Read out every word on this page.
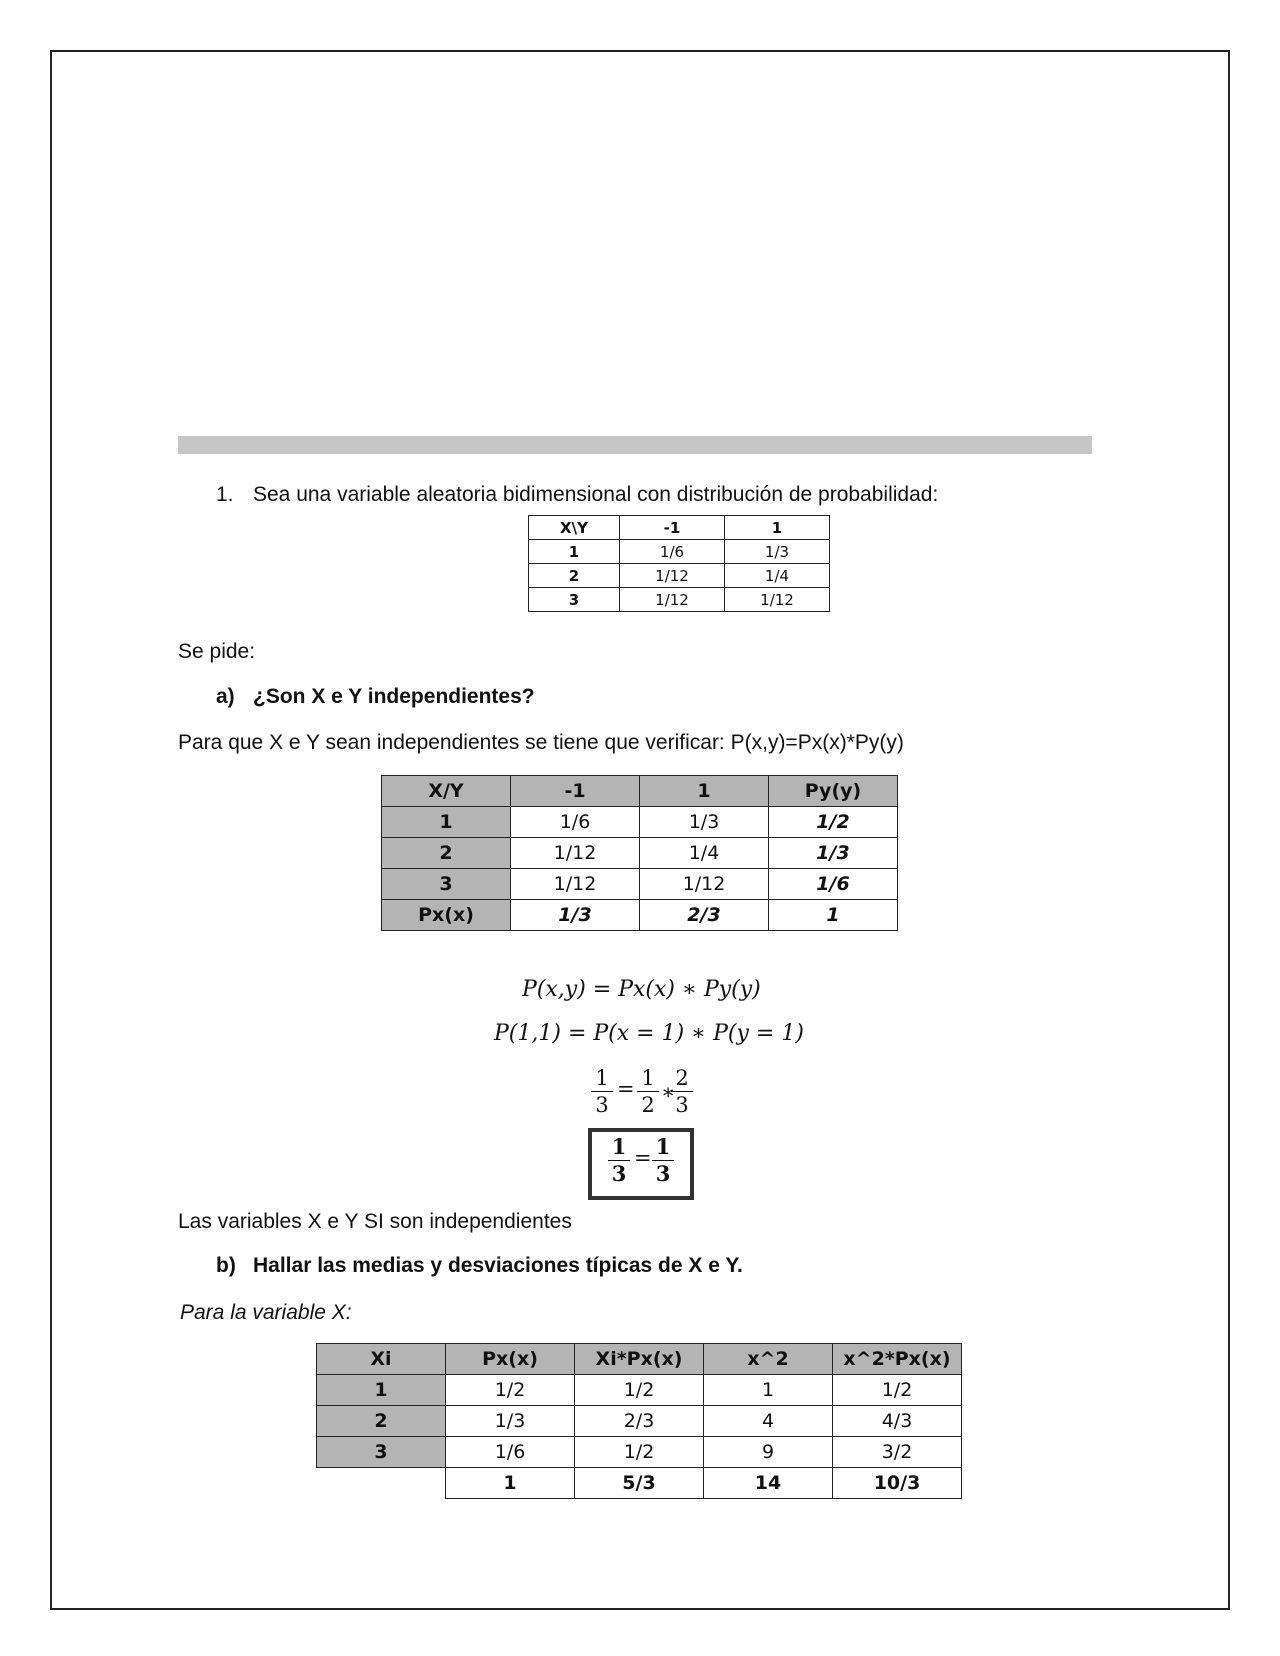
1. Sea una variable aleatoria bidimensional con distribución de probabilidad:
X\Y	-1	1
1	1/6	1/3
2	1/12	1/4
3	1/12	1/12
Se pide:
a) ¿Son X e Y independientes?
Para que X e Y sean independientes se tiene que verificar: P(x,y)=Px(x)*Py(y)
X/Y	-1	1	Py(y)
1	1/6	1/3	1/2
2	1/12	1/4	1/3
3	1/12	1/12	1/6
Px(x)	1/3	2/3	1
P(x,y) = Px(x) ∗ Py(y)
P(1,1) = P(x = 1) ∗ P(y = 1)
$\frac{1}{3} = \frac{1}{2}$ ∗
$\frac{2}{3}$
$\frac{1}{3} = \frac{1}{3}$
Las variables X e Y SI son independientes
b) Hallar las medias y desviaciones típicas de X e Y.
Para la variable X:
Xi	Px(x)	Xi*Px(x)	x^2	x^2*Px(x)
1	1/2	1/2	1	1/2
2	1/3	2/3	4	4/3
3	1/6	1/2	9	3/2
	1	5/3	14	10/3
